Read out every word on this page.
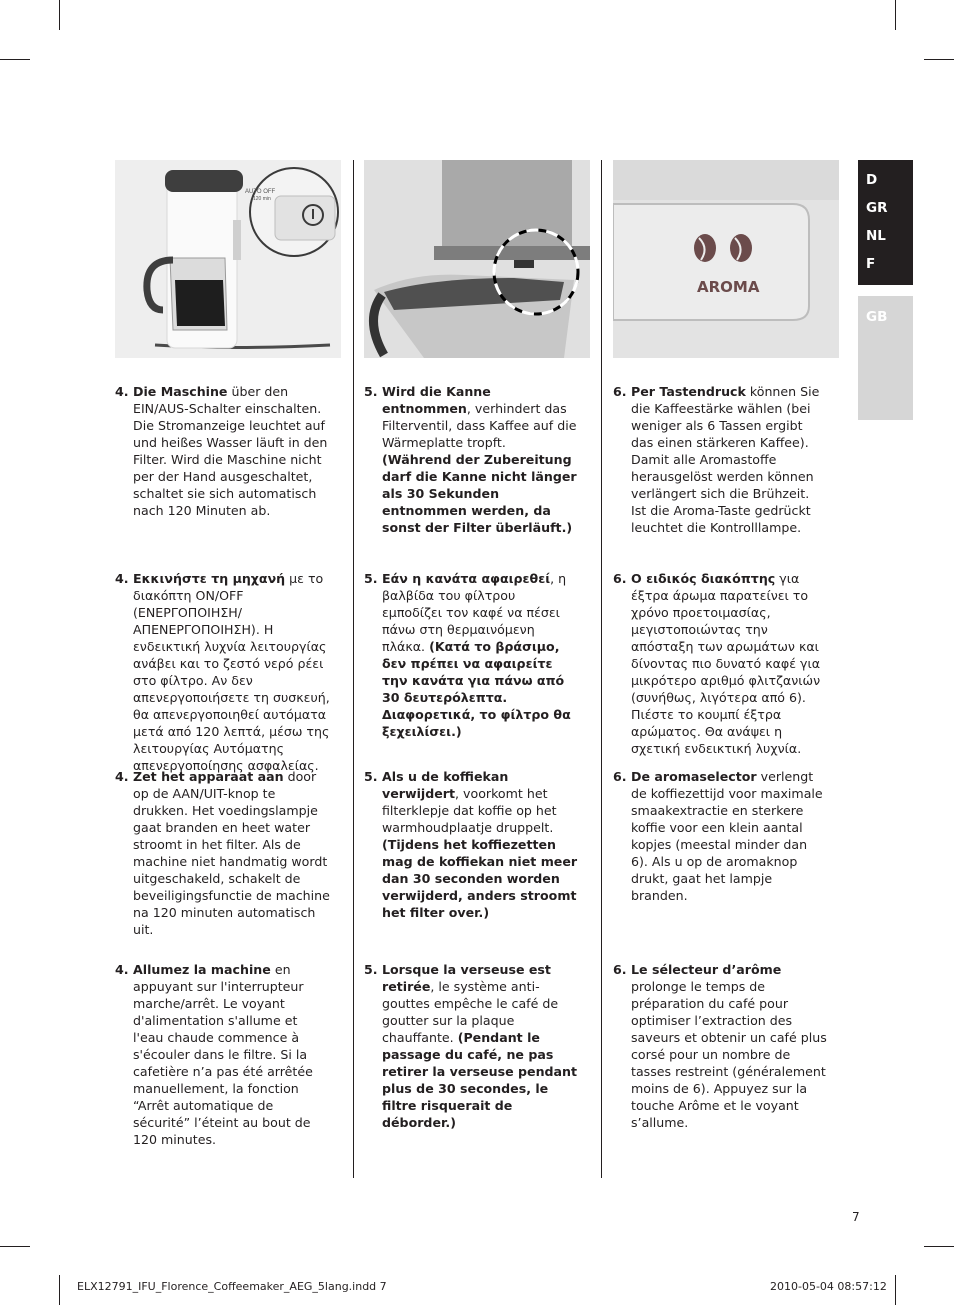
AUTO OFF
120 min
AROMA
D
GR
NL
F
GB
4. Die Maschine über den EIN/AUS-Schalter einschalten. Die Stromanzeige leuchtet auf und heißes Wasser läuft in den Filter. Wird die Maschine nicht per der Hand ausgeschaltet, schaltet sie sich automatisch nach 120 Minuten ab.
5. Wird die Kanne entnommen, verhindert das Filterventil, dass Kaffee auf die Wärmeplatte tropft. (Während der Zubereitung darf die Kanne nicht länger als 30 Sekunden entnommen werden, da sonst der Filter überläuft.)
6. Per Tastendruck können Sie die Kaffeestärke wählen (bei weniger als 6 Tassen ergibt das einen stärkeren Kaffee). Damit alle Aromastoffe herausgelöst werden können verlängert sich die Brühzeit. Ist die Aroma-Taste gedrückt leuchtet die Kontrolllampe.
4. Εκκινήστε τη μηχανή με το διακόπτη ON/OFF (ΕΝΕΡΓΟΠΟΙΗΣΗ/ΑΠΕΝΕΡΓΟΠΟΙΗΣΗ). Η ενδεικτική λυχνία λειτουργίας ανάβει και το ζεστό νερό ρέει στο φίλτρο. Αν δεν απενεργοποιήσετε τη συσκευή, θα απενεργοποιηθεί αυτόματα μετά από 120 λεπτά, μέσω της λειτουργίας Αυτόματης απενεργοποίησης ασφαλείας.
5. Εάν η κανάτα αφαιρεθεί, η βαλβίδα του φίλτρου εμποδίζει τον καφέ να πέσει πάνω στη θερμαινόμενη πλάκα. (Κατά το βράσιμο, δεν πρέπει να αφαιρείτε την κανάτα για πάνω από 30 δευτερόλεπτα. Διαφορετικά, το φίλτρο θα ξεχειλίσει.)
6. Ο ειδικός διακόπτης για έξτρα άρωμα παρατείνει το χρόνο προετοιμασίας, μεγιστοποιώντας την απόσταξη των αρωμάτων και δίνοντας πιο δυνατό καφέ για μικρότερο αριθμό φλιτζανιών (συνήθως, λιγότερα από 6). Πιέστε το κουμπί έξτρα αρώματος. Θα ανάψει η σχετική ενδεικτική λυχνία.
4. Zet het apparaat aan door op de AAN/UIT-knop te drukken. Het voedingslampje gaat branden en heet water stroomt in het filter. Als de machine niet handmatig wordt uitgeschakeld, schakelt de beveiligingsfunctie de machine na 120 minuten automatisch uit.
5. Als u de koffiekan verwijdert, voorkomt het filterklepje dat koffie op het warmhoudplaatje druppelt. (Tijdens het koffiezetten mag de koffiekan niet meer dan 30 seconden worden verwijderd, anders stroomt het filter over.)
6. De aromaselector verlengt de koffiezettijd voor maximale smaakextractie en sterkere koffie voor een klein aantal kopjes (meestal minder dan 6). Als u op de aromaknop drukt, gaat het lampje branden.
4. Allumez la machine en appuyant sur l'interrupteur marche/arrêt. Le voyant d'alimentation s'allume et l'eau chaude commence à s'écouler dans le filtre. Si la cafetière n’a pas été arrêtée manuellement, la fonction “Arrêt automatique de sécurité” l’éteint au bout de 120 minutes.
5. Lorsque la verseuse est retirée, le système anti-gouttes empêche le café de goutter sur la plaque chauffante. (Pendant le passage du café, ne pas retirer la verseuse pendant plus de 30 secondes, le filtre risquerait de déborder.)
6. Le sélecteur d’arôme prolonge le temps de préparation du café pour optimiser l’extraction des saveurs et obtenir un café plus corsé pour un nombre de tasses restreint (généralement moins de 6). Appuyez sur la touche Arôme et le voyant s’allume.
7
ELX12791_IFU_Florence_Coffeemaker_AEG_5lang.indd 7	2010-05-04 08:57:12
